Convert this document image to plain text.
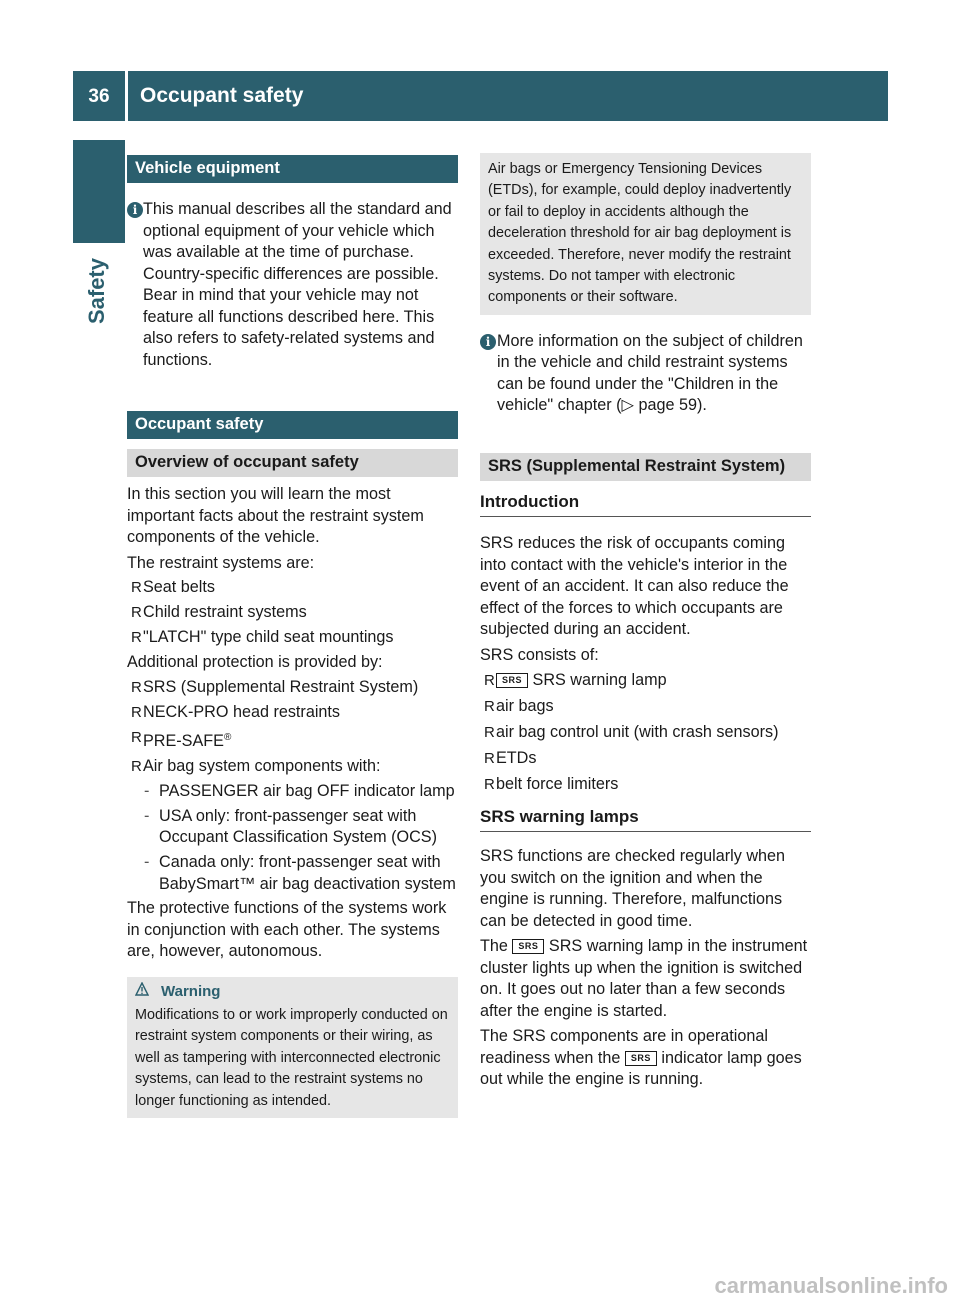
36	Occupant safety
Safety
Vehicle equipment
i This manual describes all the standard and optional equipment of your vehicle which was available at the time of purchase. Country-specific differences are possible. Bear in mind that your vehicle may not feature all functions described here. This also refers to safety-related systems and functions.

Occupant safety
Overview of occupant safety

In this section you will learn the most important facts about the restraint system components of the vehicle.

The restraint systems are:

R Seat belts

R Child restraint systems

R "LATCH" type child seat mountings

Additional protection is provided by:

R SRS (Supplemental Restraint System)

R NECK-PRO head restraints

R PRE-SAFE®

R Air bag system components with:

- PASSENGER air bag OFF indicator lamp

- USA only: front-passenger seat with Occupant Classification System (OCS)

- Canada only: front-passenger seat with BabySmart™ air bag deactivation system

The protective functions of the systems work in conjunction with each other. The systems are, however, autonomous.

Warning

Modifications to or work improperly conducted on restraint system components or their wiring, as well as tampering with interconnected electronic systems, can lead to the restraint systems no longer functioning as intended.

Air bags or Emergency Tensioning Devices (ETDs), for example, could deploy inadvertently or fail to deploy in accidents although the deceleration threshold for air bag deployment is exceeded. Therefore, never modify the restraint systems. Do not tamper with electronic components or their software.

i More information on the subject of children in the vehicle and child restraint systems can be found under the "Children in the vehicle" chapter (▷ page 59).

SRS (Supplemental Restraint System)
Introduction

SRS reduces the risk of occupants coming into contact with the vehicle's interior in the event of an accident. It can also reduce the effect of the forces to which occupants are subjected during an accident.

SRS consists of:

R SRS SRS warning lamp

R air bags

R air bag control unit (with crash sensors)

R ETDs

R belt force limiters

SRS warning lamps

SRS functions are checked regularly when you switch on the ignition and when the engine is running. Therefore, malfunctions can be detected in good time.

The SRS SRS warning lamp in the instrument cluster lights up when the ignition is switched on. It goes out no later than a few seconds after the engine is started.

The SRS components are in operational readiness when the SRS indicator lamp goes out while the engine is running.

carmanualsonline.info
